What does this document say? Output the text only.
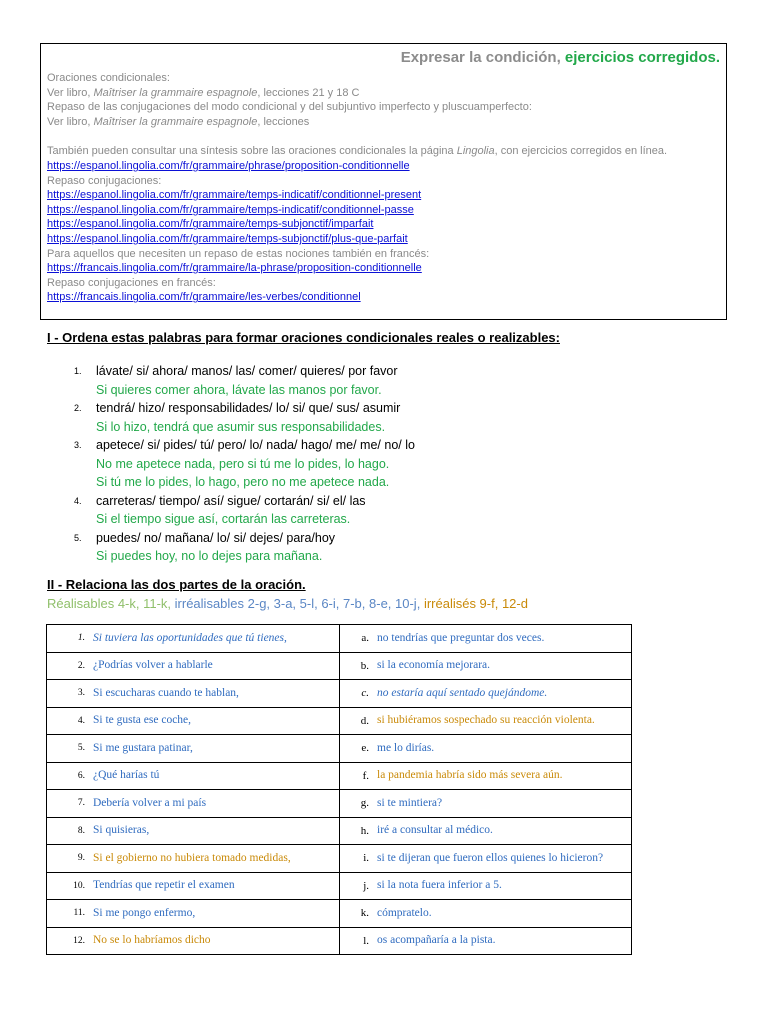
Expresar la condición, ejercicios corregidos.
Oraciones condicionales:
Ver libro, Maîtriser la grammaire espagnole, lecciones 21 y 18 C
Repaso de las conjugaciones del modo condicional y del subjuntivo imperfecto y pluscuamperfecto:
Ver libro, Maîtriser la grammaire espagnole, lecciones
También pueden consultar una síntesis sobre las oraciones condicionales la página Lingolia, con ejercicios corregidos en línea.
https://espanol.lingolia.com/fr/grammaire/phrase/proposition-conditionnelle
Repaso conjugaciones:
https://espanol.lingolia.com/fr/grammaire/temps-indicatif/conditionnel-present
https://espanol.lingolia.com/fr/grammaire/temps-indicatif/conditionnel-passe
https://espanol.lingolia.com/fr/grammaire/temps-subjonctif/imparfait
https://espanol.lingolia.com/fr/grammaire/temps-subjonctif/plus-que-parfait
Para aquellos que necesiten un repaso de estas nociones también en francés:
https://francais.lingolia.com/fr/grammaire/la-phrase/proposition-conditionnelle
Repaso conjugaciones en francés:
https://francais.lingolia.com/fr/grammaire/les-verbes/conditionnel
I - Ordena estas palabras para formar oraciones condicionales reales o realizables:
1. lávate/ si/ ahora/ manos/ las/ comer/ quieres/ por favor
Si quieres comer ahora, lávate las manos por favor.
2. tendrá/ hizo/ responsabilidades/ lo/ si/ que/ sus/ asumir
Si lo hizo, tendrá que asumir sus responsabilidades.
3. apetece/ si/ pides/ tú/ pero/ lo/ nada/ hago/ me/ me/ no/ lo
No me apetece nada, pero si tú me lo pides, lo hago.
Si tú me lo pides, lo hago, pero no me apetece nada.
4. carreteras/ tiempo/ así/ sigue/ cortarán/ si/ el/ las
Si el tiempo sigue así, cortarán las carreteras.
5. puedes/ no/ mañana/ lo/ si/ dejes/ para/hoy
Si puedes hoy, no lo dejes para mañana.
II - Relaciona las dos partes de la oración.
Réalisables 4-k, 11-k, irréalisables 2-g, 3-a, 5-l, 6-i, 7-b, 8-e, 10-j, irréalisés 9-f, 12-d
1. Si tuviera las oportunidades que tú tienes,	a. no tendrías que preguntar dos veces.

2. ¿Podrías volver a hablarle	b. si la economía mejorara.

3. Si escucharas cuando te hablan,	c. no estaría aquí sentado quejándome.

4. Si te gusta ese coche,	d. si hubiéramos sospechado su reacción violenta.

5. Si me gustara patinar,	e. me lo dirías.

6. ¿Qué harías tú	f. la pandemia habría sido más severa aún.

7. Debería volver a mi país	g. si te mintiera?

8. Si quisieras,	h. iré a consultar al médico.

9. Si el gobierno no hubiera tomado medidas,	i. si te dijeran que fueron ellos quienes lo hicieron?

10. Tendrías que repetir el examen	j. si la nota fuera inferior a 5.

11. Si me pongo enfermo,	k. cómpratelo.

12. No se lo habríamos dicho	l. os acompañaría a la pista.
